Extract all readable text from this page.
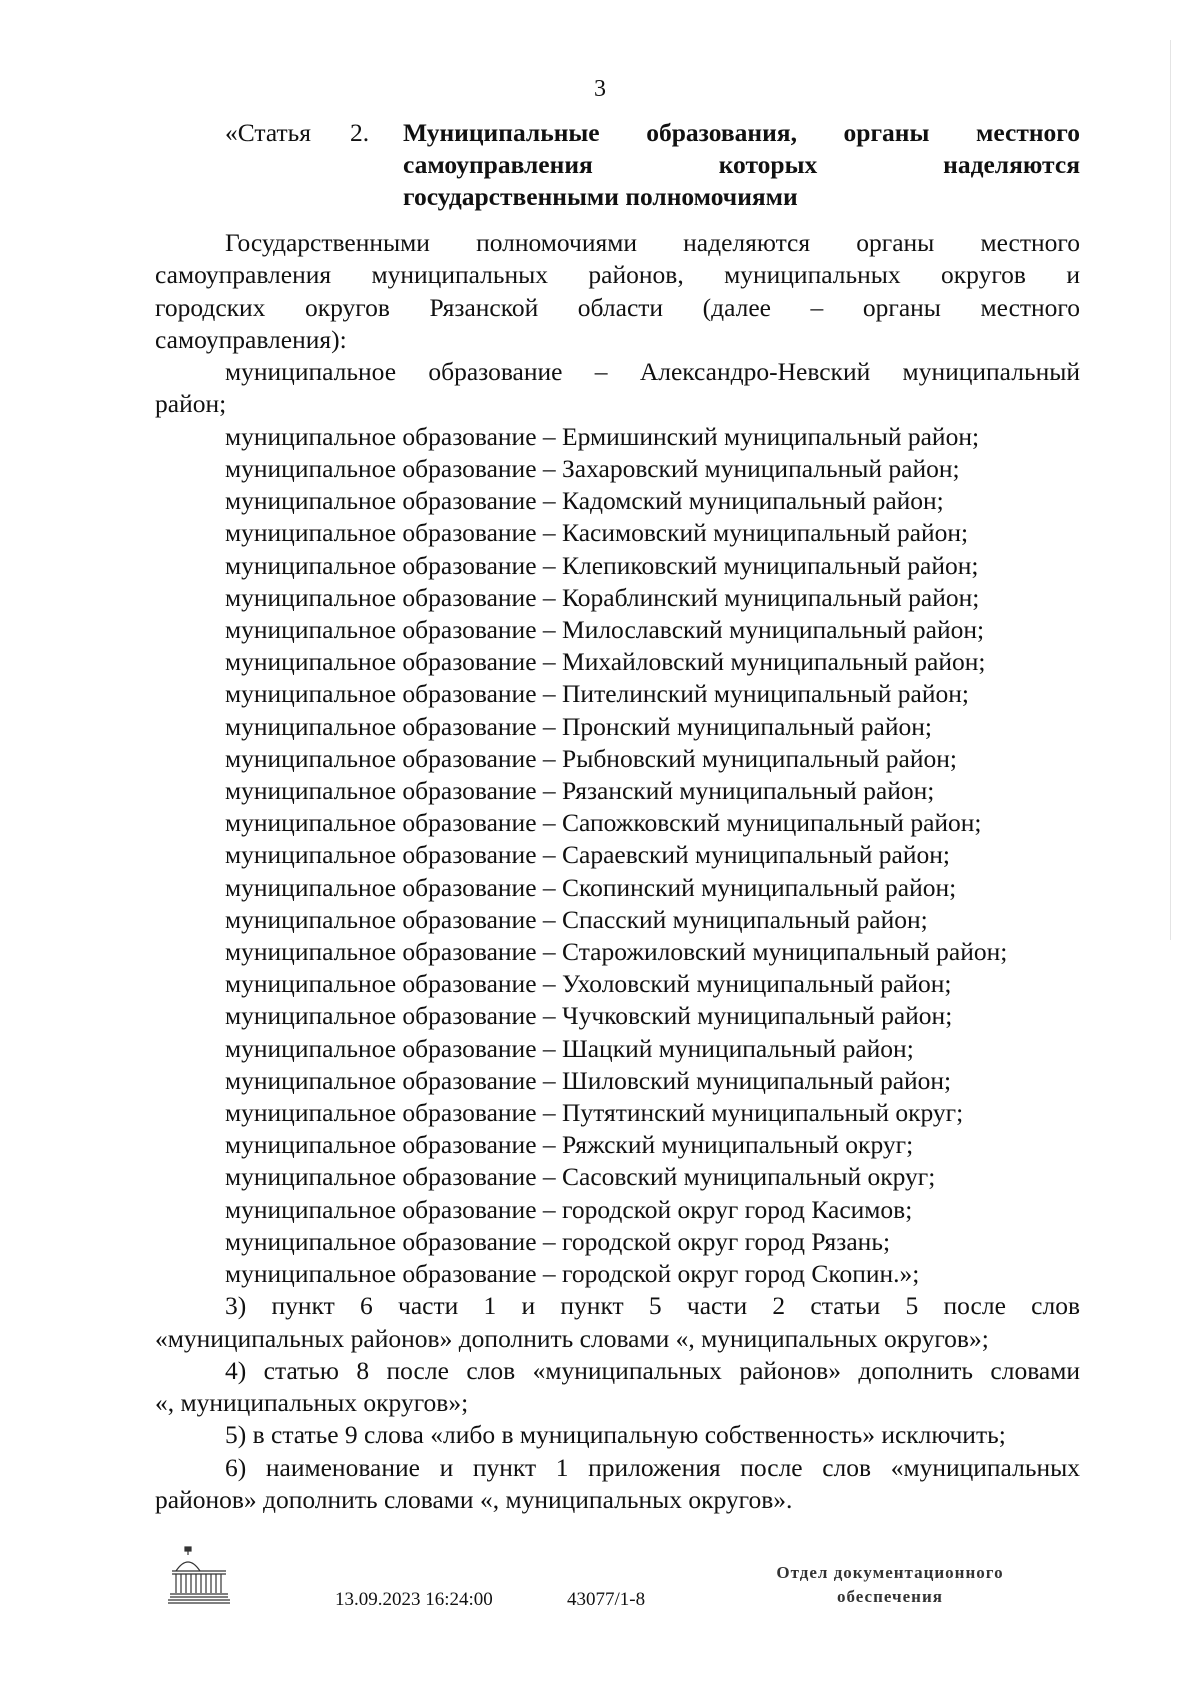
3
«Статья 2. Муниципальные образования, органы местного
самоуправления которых наделяются
государственными полномочиями
Государственными полномочиями наделяются органы местного
самоуправления муниципальных районов, муниципальных округов и
городских округов Рязанской области (далее – органы местного
самоуправления):
муниципальное образование – Александро-Невский муниципальный
район;
муниципальное образование – Ермишинский муниципальный район;
муниципальное образование – Захаровский муниципальный район;
муниципальное образование – Кадомский муниципальный район;
муниципальное образование – Касимовский муниципальный район;
муниципальное образование – Клепиковский муниципальный район;
муниципальное образование – Кораблинский муниципальный район;
муниципальное образование – Милославский муниципальный район;
муниципальное образование – Михайловский муниципальный район;
муниципальное образование – Пителинский муниципальный район;
муниципальное образование – Пронский муниципальный район;
муниципальное образование – Рыбновский муниципальный район;
муниципальное образование – Рязанский муниципальный район;
муниципальное образование – Сапожковский муниципальный район;
муниципальное образование – Сараевский муниципальный район;
муниципальное образование – Скопинский муниципальный район;
муниципальное образование – Спасский муниципальный район;
муниципальное образование – Старожиловский муниципальный район;
муниципальное образование – Ухоловский муниципальный район;
муниципальное образование – Чучковский муниципальный район;
муниципальное образование – Шацкий муниципальный район;
муниципальное образование – Шиловский муниципальный район;
муниципальное образование – Путятинский муниципальный округ;
муниципальное образование – Ряжский муниципальный округ;
муниципальное образование – Сасовский муниципальный округ;
муниципальное образование – городской округ город Касимов;
муниципальное образование – городской округ город Рязань;
муниципальное образование – городской округ город Скопин.»;
3) пункт 6 части 1 и пункт 5 части 2 статьи 5 после слов
«муниципальных районов» дополнить словами «, муниципальных округов»;
4) статью 8 после слов «муниципальных районов» дополнить словами
«, муниципальных округов»;
5) в статье 9 слова «либо в муниципальную собственность» исключить;
6) наименование и пункт 1 приложения после слов «муниципальных
районов» дополнить словами «, муниципальных округов».
13.09.2023 16:24:00	43077/1-8
Отдел документационного
обеспечения
